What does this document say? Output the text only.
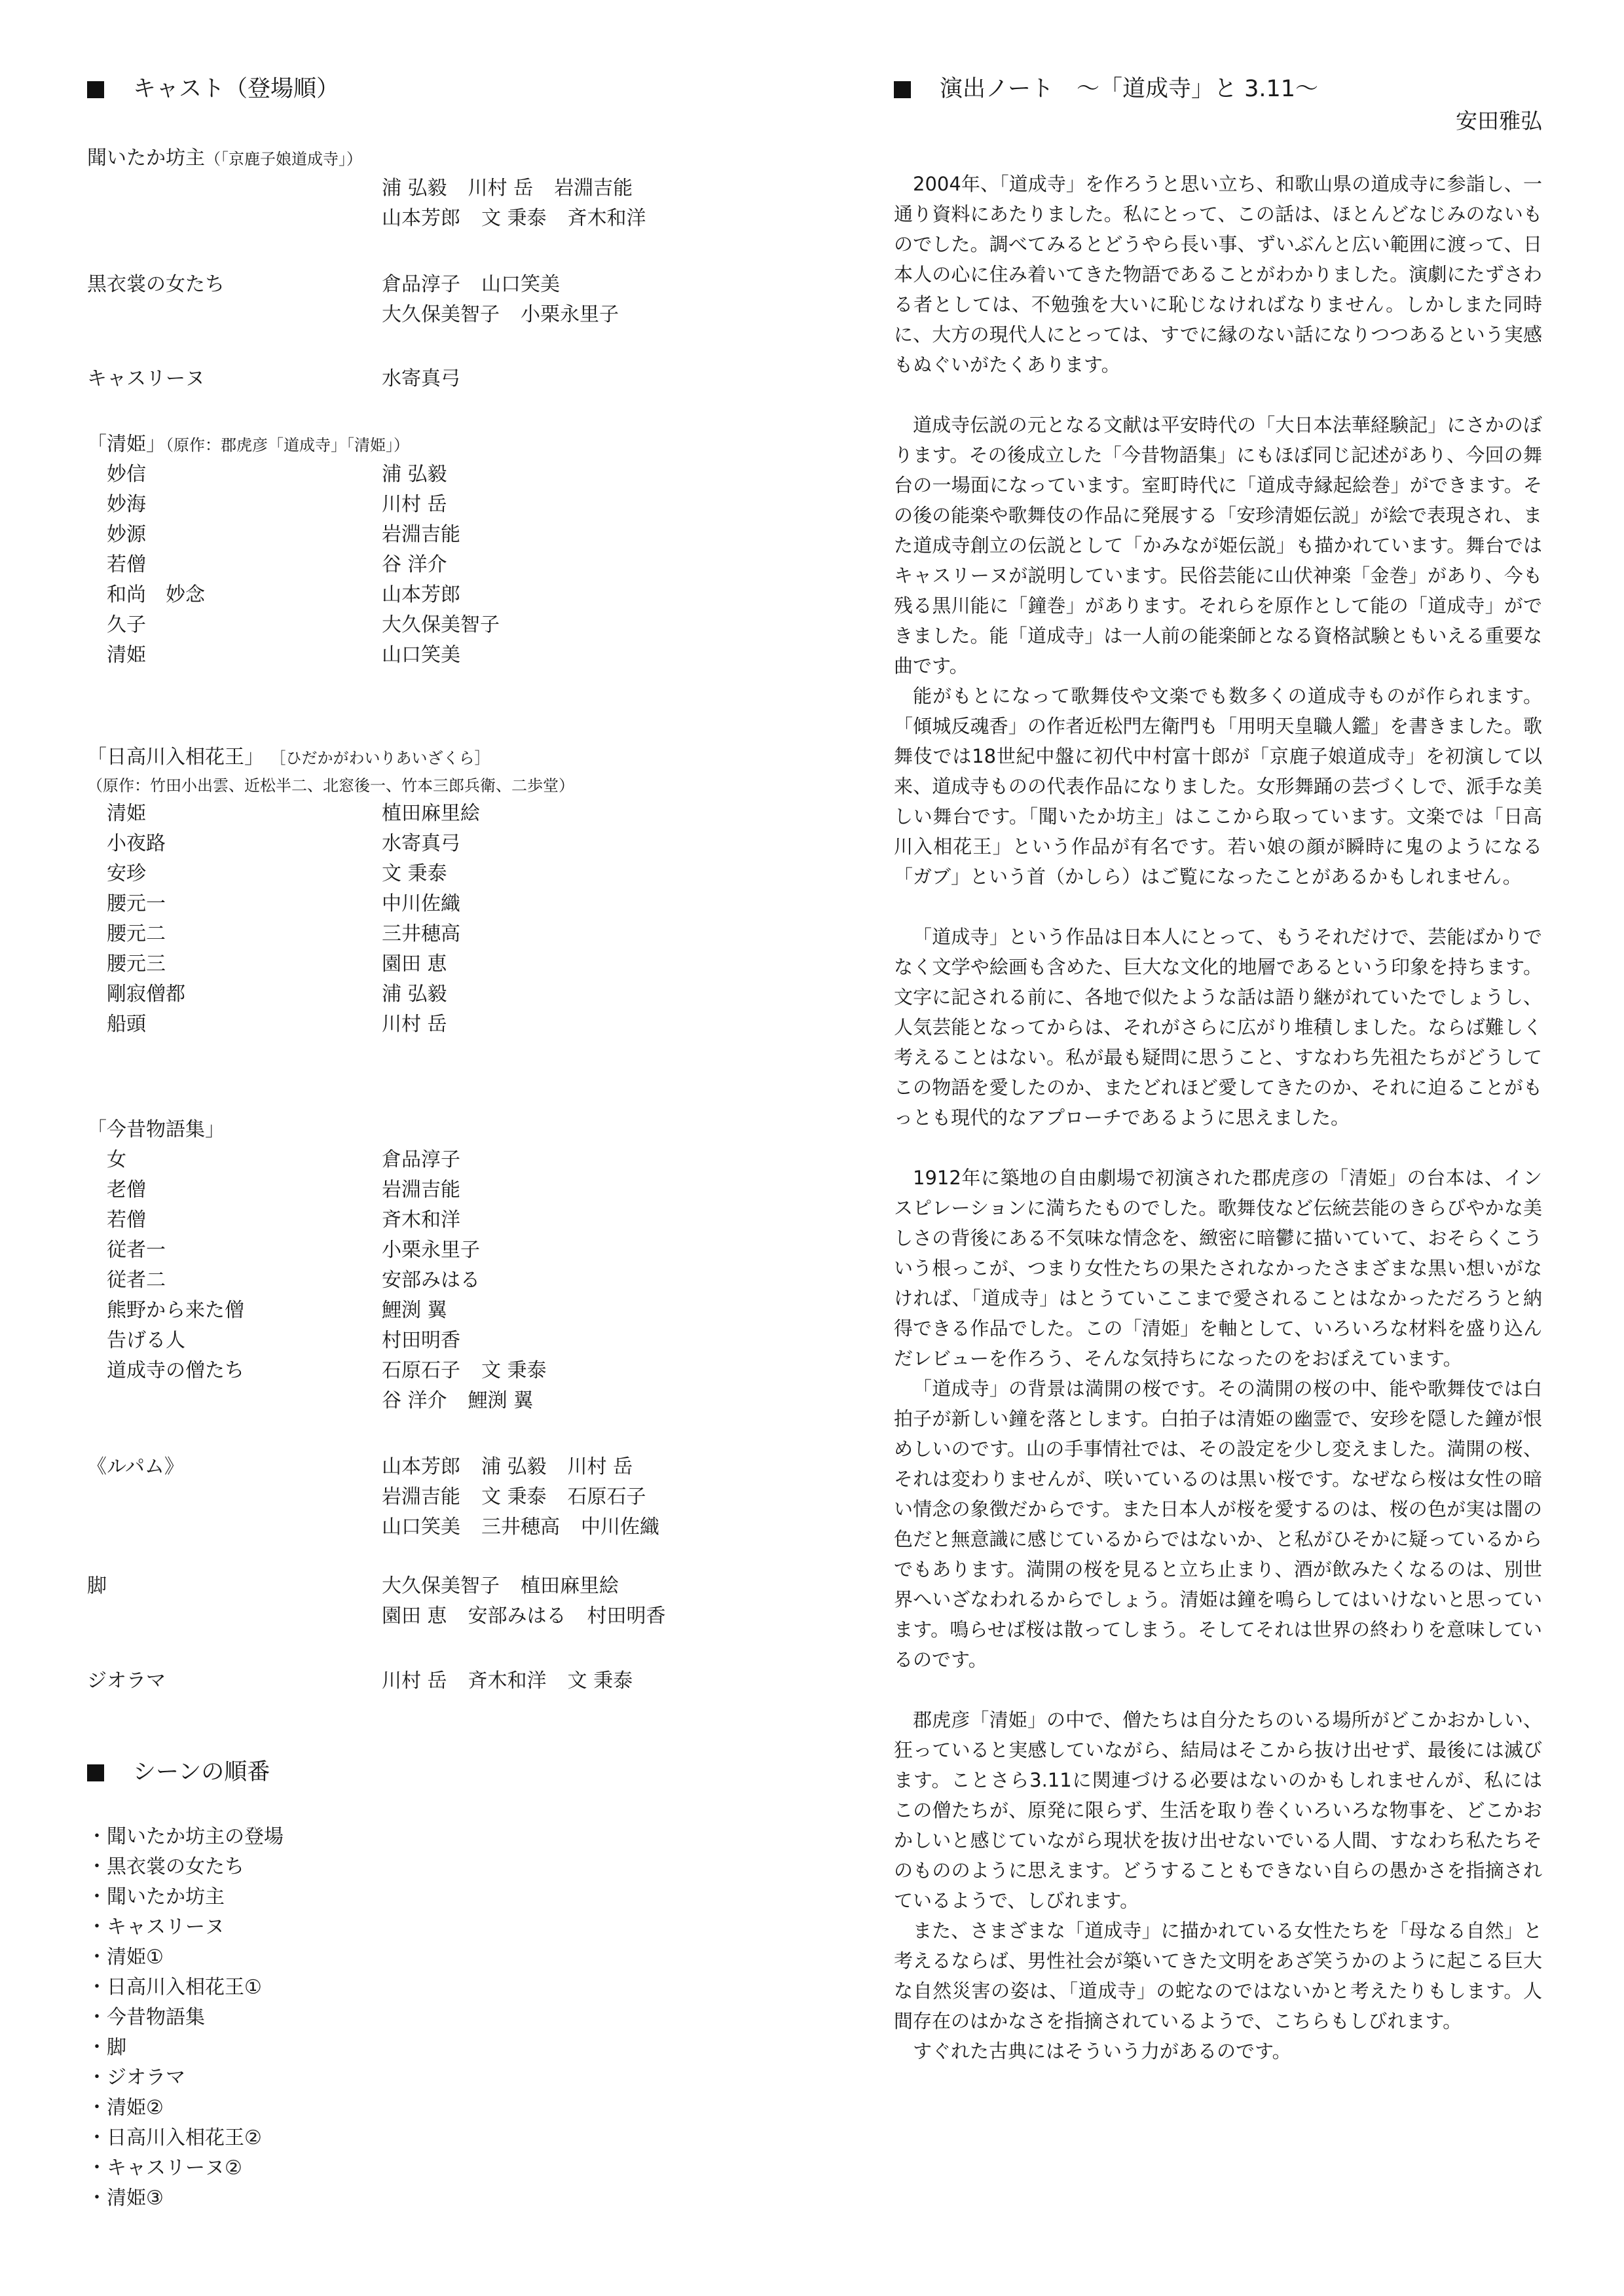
キャスト（登場順）
聞いたか坊主（「京鹿子娘道成寺」）
浦 弘毅 川村 岳 岩淵吉能
山本芳郎 文 秉泰 斉木和洋
黒衣裳の女たち	倉品淳子 山口笑美
大久保美智子 小栗永里子
キャスリーヌ	水寄真弓
「清姫」（原作：郡虎彦「道成寺」「清姫」）
妙信	浦 弘毅
妙海	川村 岳
妙源	岩淵吉能
若僧	谷 洋介
和尚　妙念	山本芳郎
久子	大久保美智子
清姫	山口笑美
「日高川入相花王」 ［ひだかがわいりあいざくら］
（原作：竹田小出雲、近松半二、北窓後一、竹本三郎兵衛、二歩堂）
清姫	植田麻里絵
小夜路	水寄真弓
安珍	文 秉泰
腰元一	中川佐織
腰元二	三井穂高
腰元三	園田 恵
剛寂僧都	浦 弘毅
船頭	川村 岳
「今昔物語集」
女	倉品淳子
老僧	岩淵吉能
若僧	斉木和洋
従者一	小栗永里子
従者二	安部みはる
熊野から来た僧	鯉渕 翼
告げる人	村田明香
道成寺の僧たち	石原石子 文 秉泰
谷 洋介 鯉渕 翼
《ルパム》	山本芳郎 浦 弘毅 川村 岳
岩淵吉能 文 秉泰 石原石子
山口笑美 三井穂高 中川佐織
脚	大久保美智子 植田麻里絵
園田 恵 安部みはる 村田明香
ジオラマ	川村 岳 斉木和洋 文 秉泰
シーンの順番
・聞いたか坊主の登場
・黒衣裳の女たち
・聞いたか坊主
・キャスリーヌ
・清姫①
・日高川入相花王①
・今昔物語集
・脚
・ジオラマ
・清姫②
・日高川入相花王②
・キャスリーヌ②
・清姫③
演出ノート　～「道成寺」と 3.11～
安田雅弘

2004年、「道成寺」を作ろうと思い立ち、和歌山県の道成寺に参詣し、一通り資料にあたりました。私にとって、この話は、ほとんどなじみのないものでした。調べてみるとどうやら長い事、ずいぶんと広い範囲に渡って、日本人の心に住み着いてきた物語であることがわかりました。演劇にたずさわる者としては、不勉強を大いに恥じなければなりません。しかしまた同時に、大方の現代人にとっては、すでに縁のない話になりつつあるという実感もぬぐいがたくあります。

道成寺伝説の元となる文献は平安時代の「大日本法華経験記」にさかのぼります。その後成立した「今昔物語集」にもほぼ同じ記述があり、今回の舞台の一場面になっています。室町時代に「道成寺縁起絵巻」ができます。その後の能楽や歌舞伎の作品に発展する「安珍清姫伝説」が絵で表現され、また道成寺創立の伝説として「かみなが姫伝説」も描かれています。舞台ではキャスリーヌが説明しています。民俗芸能に山伏神楽「金巻」があり、今も残る黒川能に「鐘巻」があります。それらを原作として能の「道成寺」ができました。能「道成寺」は一人前の能楽師となる資格試験ともいえる重要な曲です。

能がもとになって歌舞伎や文楽でも数多くの道成寺ものが作られます。「傾城反魂香」の作者近松門左衛門も「用明天皇職人鑑」を書きました。歌舞伎では18世紀中盤に初代中村富十郎が「京鹿子娘道成寺」を初演して以来、道成寺ものの代表作品になりました。女形舞踊の芸づくしで、派手な美しい舞台です。「聞いたか坊主」はここから取っています。文楽では「日高川入相花王」という作品が有名です。若い娘の顔が瞬時に鬼のようになる「ガブ」という首（かしら）はご覧になったことがあるかもしれません。

「道成寺」という作品は日本人にとって、もうそれだけで、芸能ばかりでなく文学や絵画も含めた、巨大な文化的地層であるという印象を持ちます。文字に記される前に、各地で似たような話は語り継がれていたでしょうし、人気芸能となってからは、それがさらに広がり堆積しました。ならば難しく考えることはない。私が最も疑問に思うこと、すなわち先祖たちがどうしてこの物語を愛したのか、またどれほど愛してきたのか、それに迫ることがもっとも現代的なアプローチであるように思えました。

1912年に築地の自由劇場で初演された郡虎彦の「清姫」の台本は、インスピレーションに満ちたものでした。歌舞伎など伝統芸能のきらびやかな美しさの背後にある不気味な情念を、緻密に暗鬱に描いていて、おそらくこういう根っこが、つまり女性たちの果たされなかったさまざまな黒い想いがなければ、「道成寺」はとうていここまで愛されることはなかっただろうと納得できる作品でした。この「清姫」を軸として、いろいろな材料を盛り込んだレビューを作ろう、そんな気持ちになったのをおぼえています。

「道成寺」の背景は満開の桜です。その満開の桜の中、能や歌舞伎では白拍子が新しい鐘を落とします。白拍子は清姫の幽霊で、安珍を隠した鐘が恨めしいのです。山の手事情社では、その設定を少し変えました。満開の桜、それは変わりませんが、咲いているのは黒い桜です。なぜなら桜は女性の暗い情念の象徴だからです。また日本人が桜を愛するのは、桜の色が実は闇の色だと無意識に感じているからではないか、と私がひそかに疑っているからでもあります。満開の桜を見ると立ち止まり、酒が飲みたくなるのは、別世界へいざなわれるからでしょう。清姫は鐘を鳴らしてはいけないと思っています。鳴らせば桜は散ってしまう。そしてそれは世界の終わりを意味しているのです。

郡虎彦「清姫」の中で、僧たちは自分たちのいる場所がどこかおかしい、狂っていると実感していながら、結局はそこから抜け出せず、最後には滅びます。ことさら3.11に関連づける必要はないのかもしれませんが、私にはこの僧たちが、原発に限らず、生活を取り巻くいろいろな物事を、どこかおかしいと感じていながら現状を抜け出せないでいる人間、すなわち私たちそのもののように思えます。どうすることもできない自らの愚かさを指摘されているようで、しびれます。

また、さまざまな「道成寺」に描かれている女性たちを「母なる自然」と考えるならば、男性社会が築いてきた文明をあざ笑うかのように起こる巨大な自然災害の姿は、「道成寺」の蛇なのではないかと考えたりもします。人間存在のはかなさを指摘されているようで、こちらもしびれます。

すぐれた古典にはそういう力があるのです。
